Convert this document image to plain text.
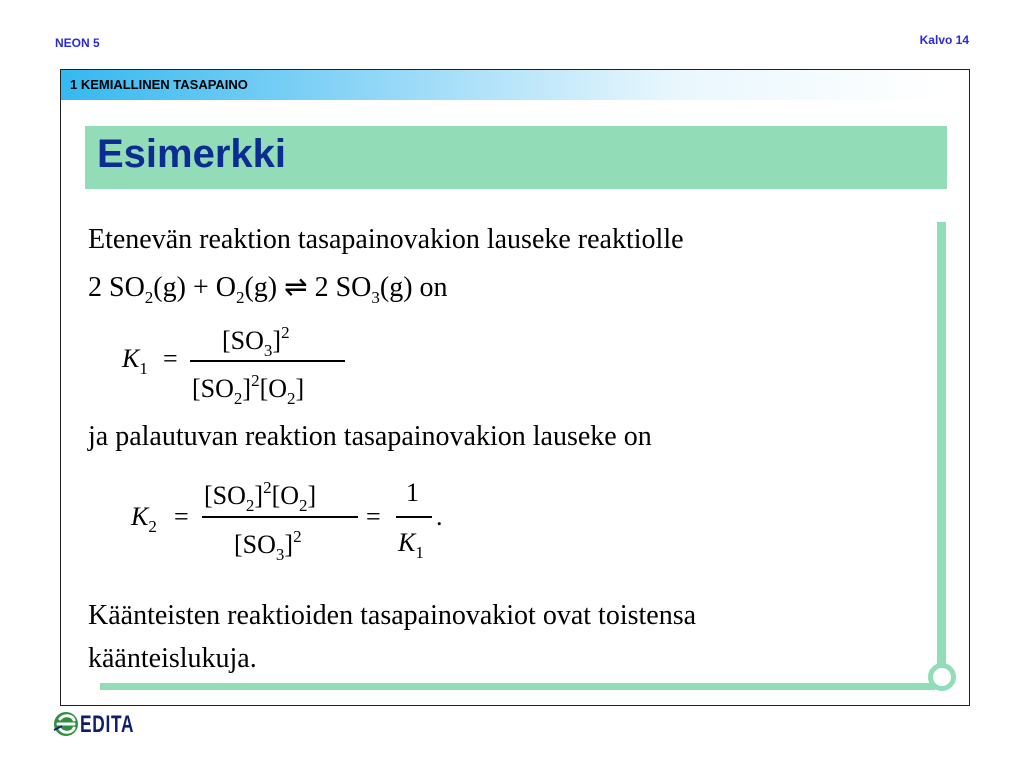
NEON 5	Kalvo 14
1 KEMIALLINEN TASAPAINO
Esimerkki
Etenevän reaktion tasapainovakion lauseke reaktiolle
2 $SO_2(g) + O_2(g)$ ⇌ 2 $SO_3(g)$ on
$K_1$ =
$[SO_3]^2$
$[SO_2]^2[O_2]$
ja palautuvan reaktion tasapainovakion lauseke on
$K_2$ =
$[SO_2]^2[O_2]$
$[SO_3]^2$
=
1
$K_1$
.
Käänteisten reaktioiden tasapainovakiot ovat toistensa
käänteislukuja.
EDITA
